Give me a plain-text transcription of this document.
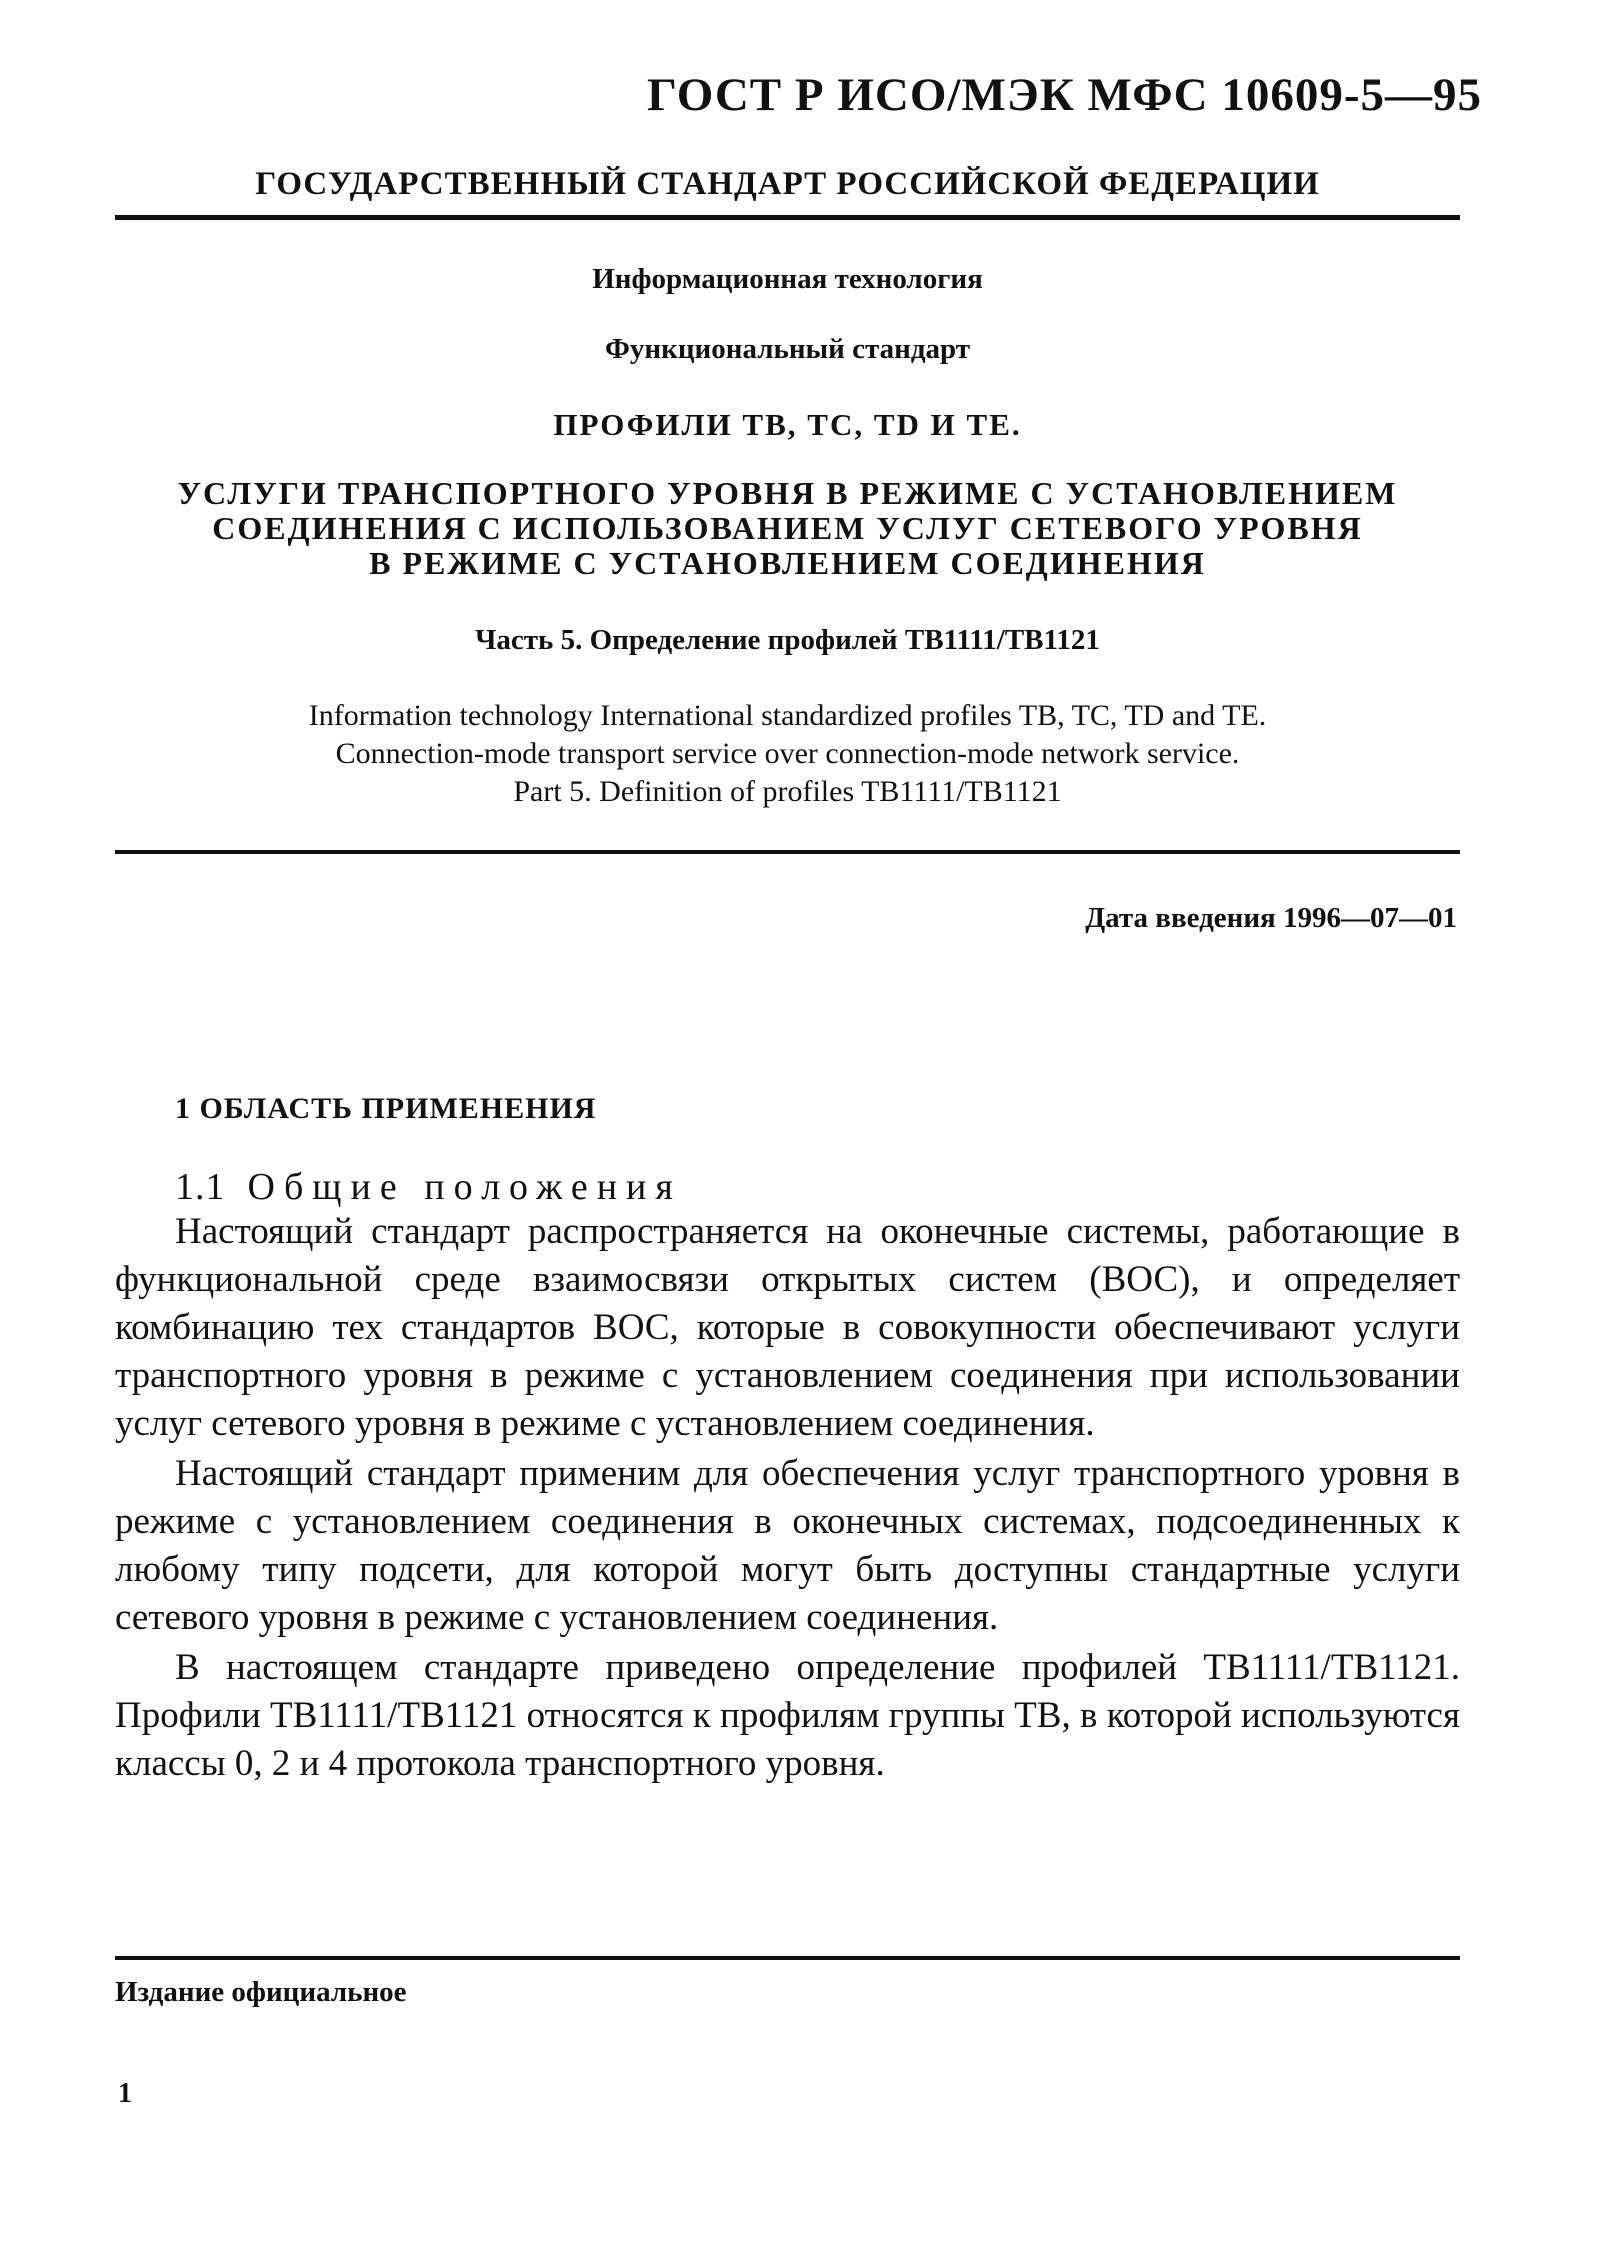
ГОСТ Р ИСО/МЭК МФС 10609-5—95
ГОСУДАРСТВЕННЫЙ СТАНДАРТ РОССИЙСКОЙ ФЕДЕРАЦИИ
Информационная технология
Функциональный стандарт
ПРОФИЛИ ТВ, ТС, TD И ТЕ.
УСЛУГИ ТРАНСПОРТНОГО УРОВНЯ В РЕЖИМЕ С УСТАНОВЛЕНИЕМ
СОЕДИНЕНИЯ С ИСПОЛЬЗОВАНИЕМ УСЛУГ СЕТЕВОГО УРОВНЯ
В РЕЖИМЕ С УСТАНОВЛЕНИЕМ СОЕДИНЕНИЯ
Часть 5. Определение профилей ТВ1111/ТВ1121
Information technology International standardized profiles TB, TC, TD and TE.
Connection-mode transport service over connection-mode network service.
Part 5. Definition of profiles TB1111/TB1121
Дата введения 1996—07—01
1 ОБЛАСТЬ ПРИМЕНЕНИЯ
1.1 Общие положения

Настоящий стандарт распространяется на оконечные системы, работающие в функциональной среде взаимосвязи открытых систем (ВОС), и определяет комбинацию тех стандартов ВОС, которые в совокупности обеспечивают услуги транспортного уровня в режиме с установлением соединения при использовании услуг сетевого уровня в режиме с установлением соединения.

Настоящий стандарт применим для обеспечения услуг транспортного уровня в режиме с установлением соединения в оконечных системах, подсоединенных к любому типу подсети, для которой могут быть доступны стандартные услуги сетевого уровня в режиме с установлением соединения.

В настоящем стандарте приведено определение профилей ТВ1111/ТВ1121. Профили ТВ1111/ТВ1121 относятся к профилям группы ТВ, в которой используются классы 0, 2 и 4 протокола транспортного уровня.

Издание официальное
1
